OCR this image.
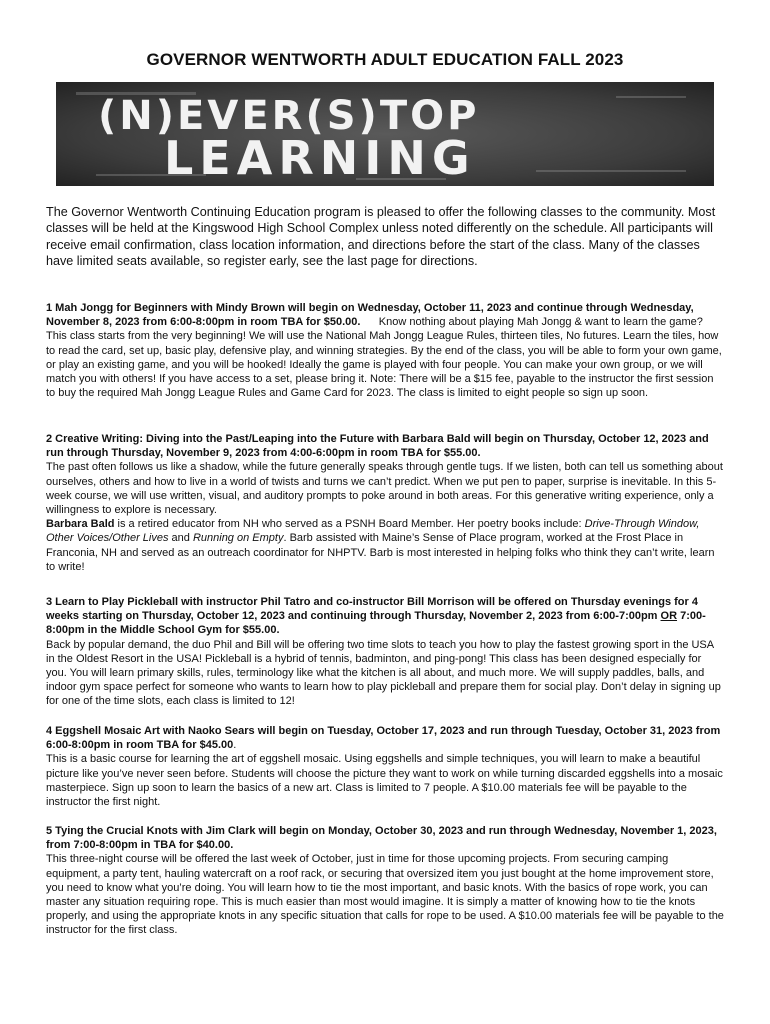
GOVERNOR WENTWORTH ADULT EDUCATION FALL 2023
(N)EVER(S)TOP
LEARNING
The Governor Wentworth Continuing Education program is pleased to offer the following classes to the community. Most classes will be held at the Kingswood High School Complex unless noted differently on the schedule. All participants will receive email confirmation, class location information, and directions before the start of the class. Many of the classes have limited seats available, so register early, see the last page for directions.

1 Mah Jongg for Beginners with Mindy Brown will begin on Wednesday, October 11, 2023 and continue through Wednesday, November 8, 2023 from 6:00-8:00pm in room TBA for $50.00. Know nothing about playing Mah Jongg & want to learn the game? This class starts from the very beginning! We will use the National Mah Jongg League Rules, thirteen tiles, No futures. Learn the tiles, how to read the card, set up, basic play, defensive play, and winning strategies. By the end of the class, you will be able to form your own game, or play an existing game, and you will be hooked! Ideally the game is played with four people. You can make your own group, or we will match you with others! If you have access to a set, please bring it. Note: There will be a $15 fee, payable to the instructor the first session to buy the required Mah Jongg League Rules and Game Card for 2023. The class is limited to eight people so sign up soon.

2 Creative Writing: Diving into the Past/Leaping into the Future with Barbara Bald will begin on Thursday, October 12, 2023 and run through Thursday, November 9, 2023 from 4:00-6:00pm in room TBA for $55.00.

The past often follows us like a shadow, while the future generally speaks through gentle tugs. If we listen, both can tell us something about ourselves, others and how to live in a world of twists and turns we can’t predict. When we put pen to paper, surprise is inevitable. In this 5-week course, we will use written, visual, and auditory prompts to poke around in both areas. For this generative writing experience, only a willingness to explore is necessary.

Barbara Bald is a retired educator from NH who served as a PSNH Board Member. Her poetry books include: Drive-Through Window, Other Voices/Other Lives and Running on Empty. Barb assisted with Maine’s Sense of Place program, worked at the Frost Place in Franconia, NH and served as an outreach coordinator for NHPTV. Barb is most interested in helping folks who think they can’t write, learn to write!

3 Learn to Play Pickleball with instructor Phil Tatro and co-instructor Bill Morrison will be offered on Thursday evenings for 4 weeks starting on Thursday, October 12, 2023 and continuing through Thursday, November 2, 2023 from 6:00-7:00pm OR 7:00-8:00pm in the Middle School Gym for $55.00.

Back by popular demand, the duo Phil and Bill will be offering two time slots to teach you how to play the fastest growing sport in the USA in the Oldest Resort in the USA! Pickleball is a hybrid of tennis, badminton, and ping-pong! This class has been designed especially for you. You will learn primary skills, rules, terminology like what the kitchen is all about, and much more. We will supply paddles, balls, and indoor gym space perfect for someone who wants to learn how to play pickleball and prepare them for social play. Don’t delay in signing up for one of the time slots, each class is limited to 12!

4 Eggshell Mosaic Art with Naoko Sears will begin on Tuesday, October 17, 2023 and run through Tuesday, October 31, 2023 from 6:00-8:00pm in room TBA for $45.00.

This is a basic course for learning the art of eggshell mosaic. Using eggshells and simple techniques, you will learn to make a beautiful picture like you’ve never seen before. Students will choose the picture they want to work on while turning discarded eggshells into a mosaic masterpiece. Sign up soon to learn the basics of a new art. Class is limited to 7 people. A $10.00 materials fee will be payable to the instructor the first night.

5 Tying the Crucial Knots with Jim Clark will begin on Monday, October 30, 2023 and run through Wednesday, November 1, 2023, from 7:00-8:00pm in TBA for $40.00.

This three-night course will be offered the last week of October, just in time for those upcoming projects. From securing camping equipment, a party tent, hauling watercraft on a roof rack, or securing that oversized item you just bought at the home improvement store, you need to know what you’re doing. You will learn how to tie the most important, and basic knots. With the basics of rope work, you can master any situation requiring rope. This is much easier than most would imagine. It is simply a matter of knowing how to tie the knots properly, and using the appropriate knots in any specific situation that calls for rope to be used. A $10.00 materials fee will be payable to the instructor for the first class.
